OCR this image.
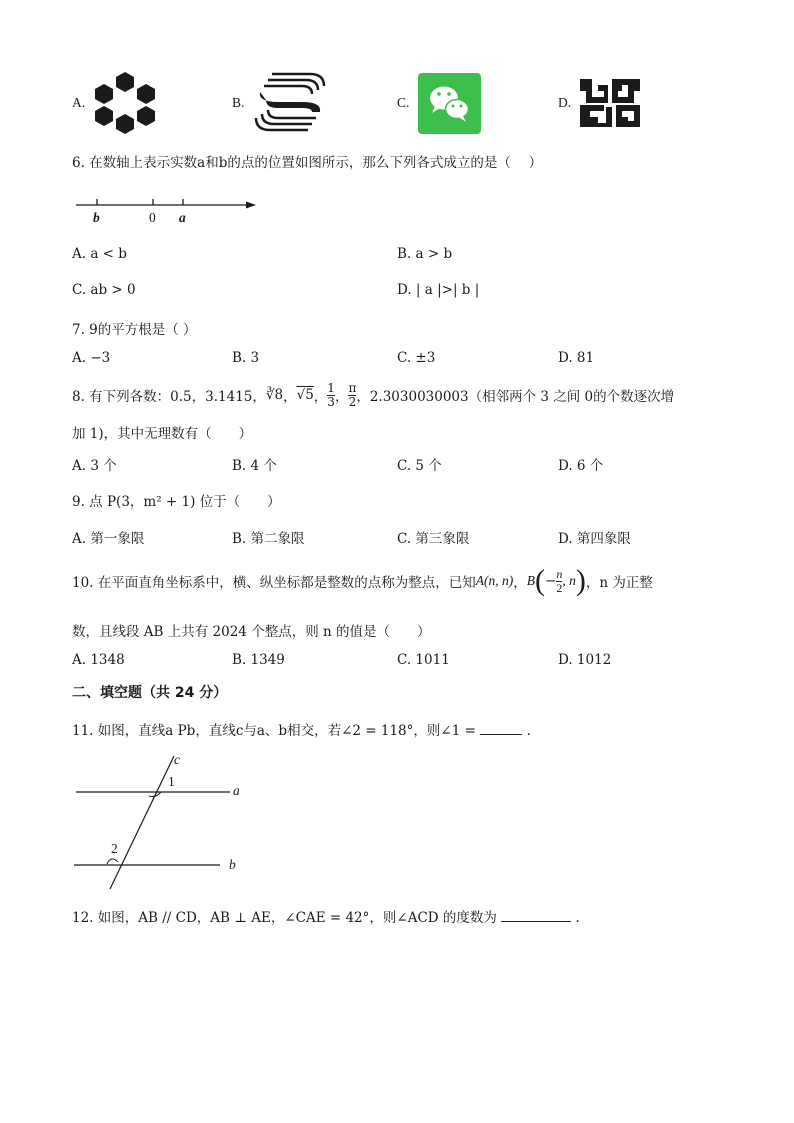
A.	B.	C.	D.
6. 在数轴上表示实数a和b的点的位置如图所示，那么下列各式成立的是（　 ）
b	0 a
A. a < b	B. a > b
C. ab > 0	D. | a |>| b |
7. 9的平方根是（ ）
A. −3	B. 3	C. ±3	D. 81
8. 有下列各数：0.5，3.1415， ∛8 ， √5 ， $\frac{1}{3}$ ， $\frac{\pi}{2}$ ， 2.3030030003（相邻两个 3 之间 0的个数逐次增
加 1)，其中无理数有（　　）
A. 3 个	B. 4 个	C. 5 个	D. 6 个
9. 点 P(3，m² + 1) 位于（　　）
A. 第一象限	B. 第二象限	C. 第三象限	D. 第四象限
10. 在平面直角坐标系中，横、纵坐标都是整数的点称为整点，已知 A(n, n) ， B ( − $\frac{n}{2}$ , n ) ，n 为正整
数，且线段 AB 上共有 2024 个整点，则 n 的值是（　　）
A. 1348	B. 1349	C. 1011	D. 1012
二、填空题（共 24 分）
11. 如图，直线a Pb，直线c与a、b相交，若∠2 = 118°，则∠1 =	.
c
1
a
2
b
12. 如图，AB // CD，AB ⊥ AE，∠CAE = 42°，则∠ACD 的度数为	.
